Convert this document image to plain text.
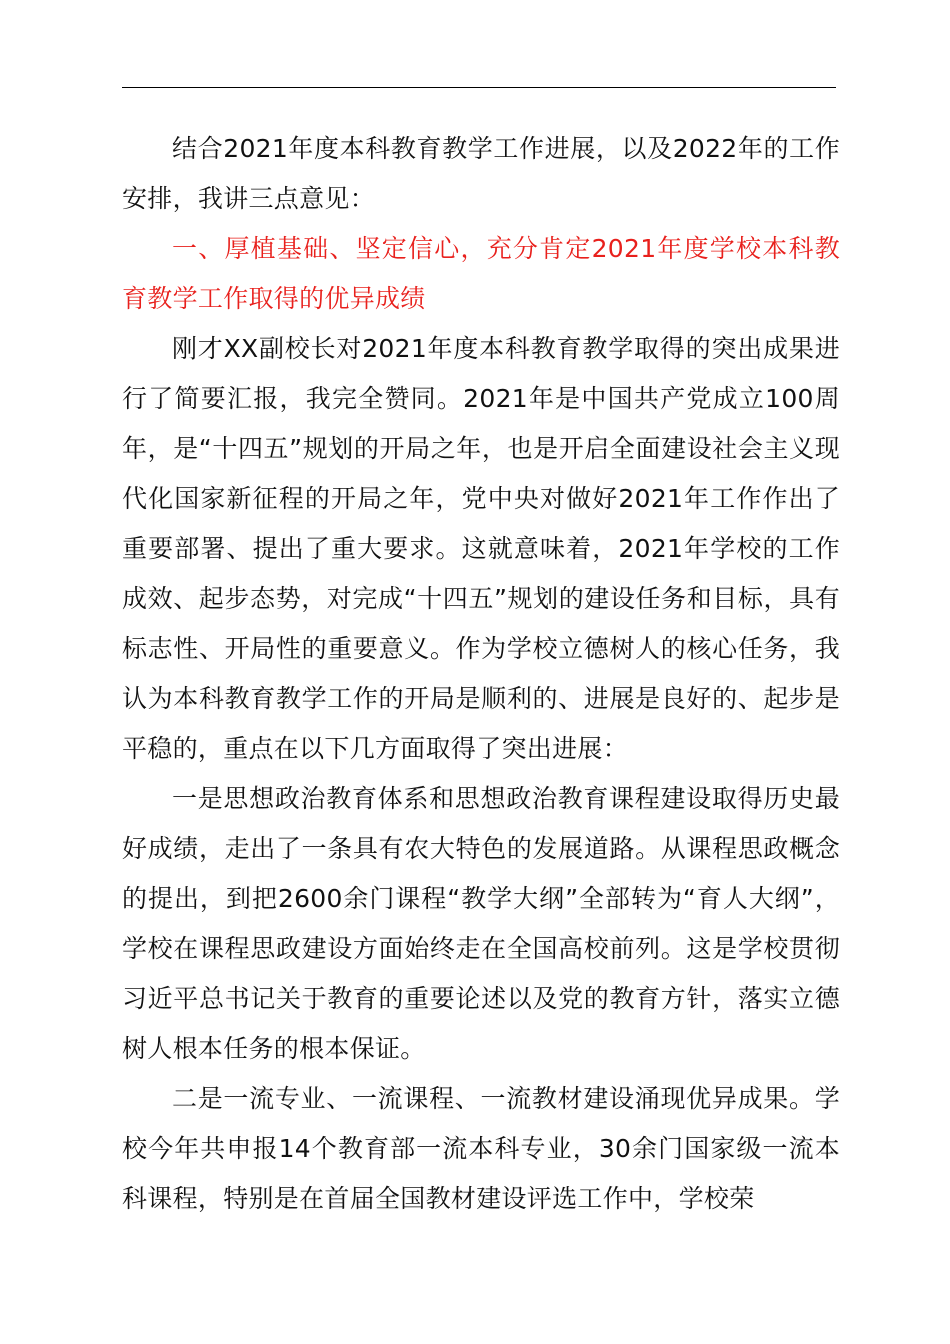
结合2021年度本科教育教学工作进展，以及2022年的工作安排，我讲三点意见：

一、厚植基础、坚定信心，充分肯定2021年度学校本科教育教学工作取得的优异成绩

刚才XX副校长对2021年度本科教育教学取得的突出成果进行了简要汇报，我完全赞同。2021年是中国共产党成立100周年，是“十四五”规划的开局之年，也是开启全面建设社会主义现代化国家新征程的开局之年，党中央对做好2021年工作作出了重要部署、提出了重大要求。这就意味着，2021年学校的工作成效、起步态势，对完成“十四五”规划的建设任务和目标，具有标志性、开局性的重要意义。作为学校立德树人的核心任务，我认为本科教育教学工作的开局是顺利的、进展是良好的、起步是平稳的，重点在以下几方面取得了突出进展：

一是思想政治教育体系和思想政治教育课程建设取得历史最好成绩，走出了一条具有农大特色的发展道路。从课程思政概念的提出，到把2600余门课程“教学大纲”全部转为“育人大纲”，学校在课程思政建设方面始终走在全国高校前列。这是学校贯彻习近平总书记关于教育的重要论述以及党的教育方针，落实立德树人根本任务的根本保证。

二是一流专业、一流课程、一流教材建设涌现优异成果。学校今年共申报14个教育部一流本科专业，30余门国家级一流本科课程，特别是在首届全国教材建设评选工作中，学校荣
